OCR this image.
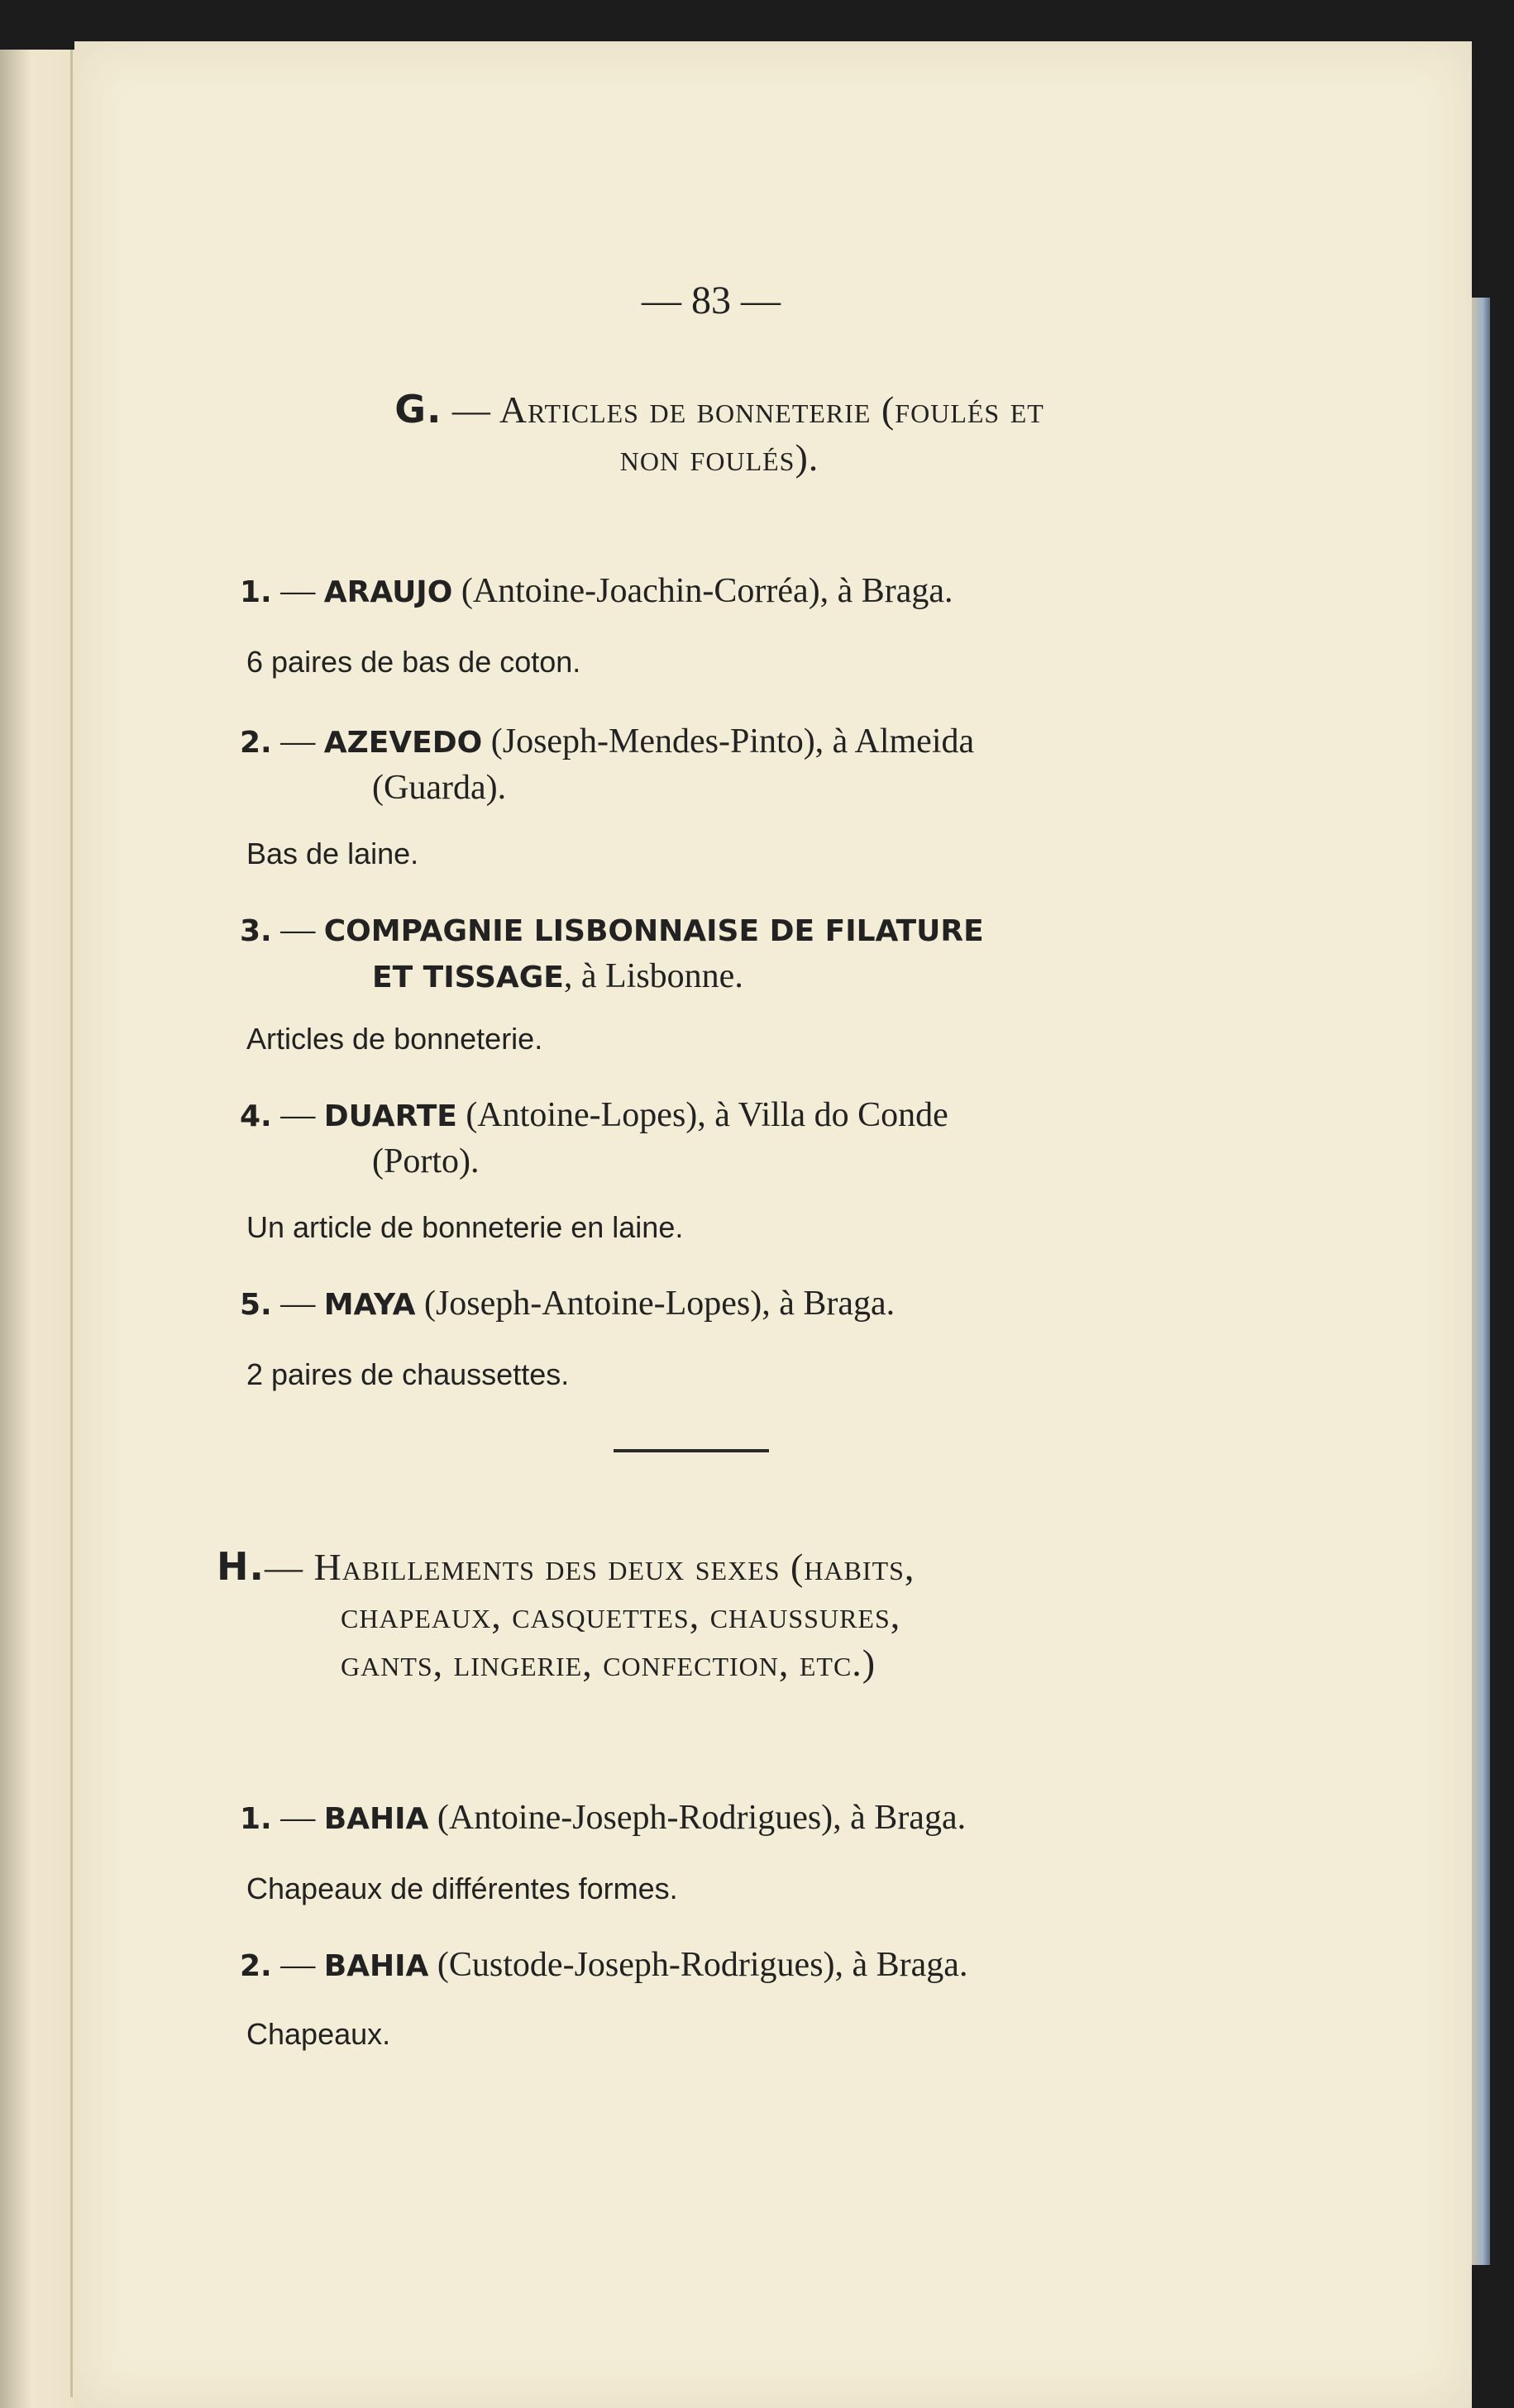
— 83 —
G. — Articles de bonneterie (foulés et
non foulés).
1. — ARAUJO (Antoine-Joachin-Corréa), à Braga.
6 paires de bas de coton.
2. — AZEVEDO (Joseph-Mendes-Pinto), à Almeida
(Guarda).
Bas de laine.
3. — COMPAGNIE LISBONNAISE DE FILATURE
ET TISSAGE, à Lisbonne.
Articles de bonneterie.
4. — DUARTE (Antoine-Lopes), à Villa do Conde
(Porto).
Un article de bonneterie en laine.
5. — MAYA (Joseph-Antoine-Lopes), à Braga.
2 paires de chaussettes.
H.— Habillements des deux sexes (habits,
chapeaux, casquettes, chaussures,
gants, lingerie, confection, etc.)
1. — BAHIA (Antoine-Joseph-Rodrigues), à Braga.
Chapeaux de différentes formes.
2. — BAHIA (Custode-Joseph-Rodrigues), à Braga.
Chapeaux.
